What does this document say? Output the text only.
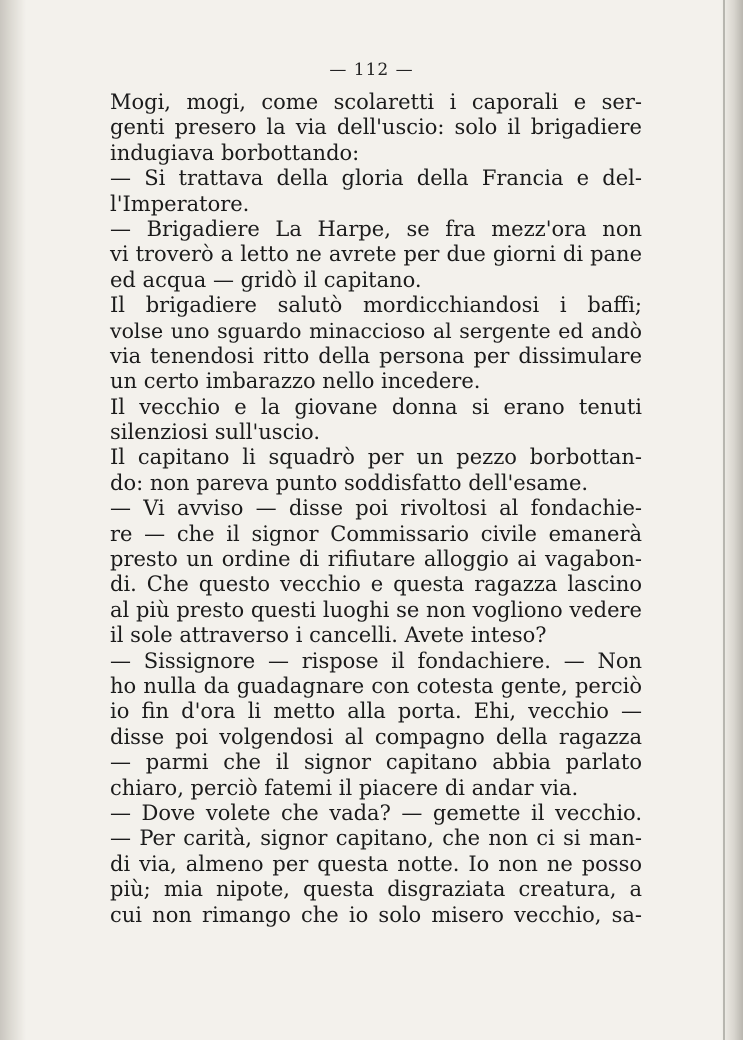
— 112 —
Mogi, mogi, come scolaretti i caporali e ser-
genti presero la via dell'uscio: solo il brigadiere
indugiava borbottando:
— Si trattava della gloria della Francia e del-
l'Imperatore.
— Brigadiere La Harpe, se fra mezz'ora non
vi troverò a letto ne avrete per due giorni di pane
ed acqua — gridò il capitano.
Il brigadiere salutò mordicchiandosi i baffi;
volse uno sguardo minaccioso al sergente ed andò
via tenendosi ritto della persona per dissimulare
un certo imbarazzo nello incedere.
Il vecchio e la giovane donna si erano tenuti
silenziosi sull'uscio.
Il capitano li squadrò per un pezzo borbottan-
do: non pareva punto soddisfatto dell'esame.
— Vi avviso — disse poi rivoltosi al fondachie-
re — che il signor Commissario civile emanerà
presto un ordine di rifiutare alloggio ai vagabon-
di. Che questo vecchio e questa ragazza lascino
al più presto questi luoghi se non vogliono vedere
il sole attraverso i cancelli. Avete inteso?
— Sissignore — rispose il fondachiere. — Non
ho nulla da guadagnare con cotesta gente, perciò
io fin d'ora li metto alla porta. Ehi, vecchio —
disse poi volgendosi al compagno della ragazza
— parmi che il signor capitano abbia parlato
chiaro, perciò fatemi il piacere di andar via.
— Dove volete che vada? — gemette il vecchio.
— Per carità, signor capitano, che non ci si man-
di via, almeno per questa notte. Io non ne posso
più; mia nipote, questa disgraziata creatura, a
cui non rimango che io solo misero vecchio, sa-
